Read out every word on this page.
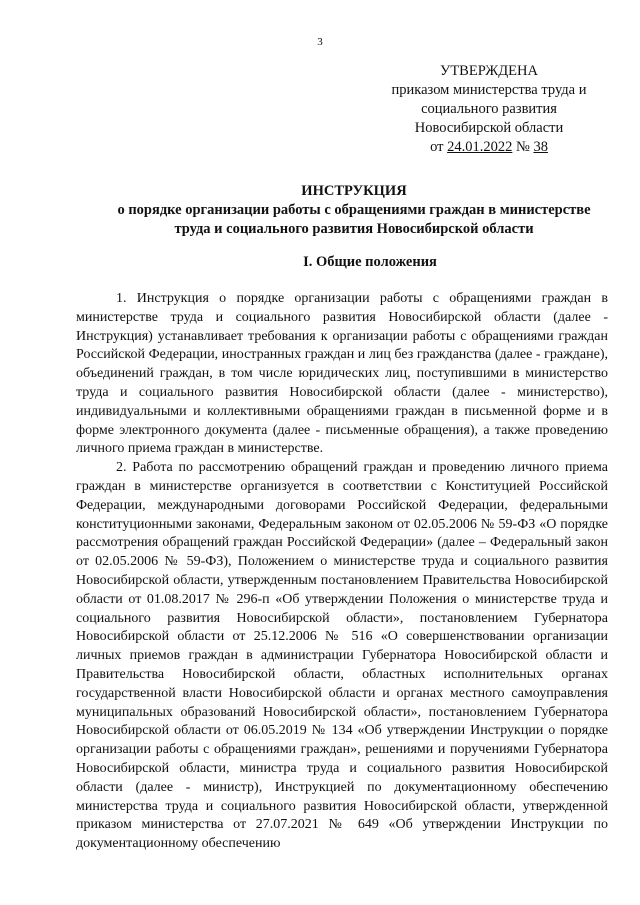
3
УТВЕРЖДЕНА
приказом министерства труда и
социального развития
Новосибирской области
от 24.01.2022 № 38
ИНСТРУКЦИЯ
о порядке организации работы с обращениями граждан в министерстве
труда и социального развития Новосибирской области
I. Общие положения

1. Инструкция о порядке организации работы с обращениями граждан в министерстве труда и социального развития Новосибирской области (далее - Инструкция) устанавливает требования к организации работы с обращениями граждан Российской Федерации, иностранных граждан и лиц без гражданства (далее - граждане), объединений граждан, в том числе юридических лиц, поступившими в министерство труда и социального развития Новосибирской области (далее - министерство), индивидуальными и коллективными обращениями граждан в письменной форме и в форме электронного документа (далее - письменные обращения), а также проведению личного приема граждан в министерстве.

2. Работа по рассмотрению обращений граждан и проведению личного приема граждан в министерстве организуется в соответствии с Конституцией Российской Федерации, международными договорами Российской Федерации, федеральными конституционными законами, Федеральным законом от 02.05.2006 № 59-ФЗ «О порядке рассмотрения обращений граждан Российской Федерации» (далее – Федеральный закон от 02.05.2006 № 59-ФЗ), Положением о министерстве труда и социального развития Новосибирской области, утвержденным постановлением Правительства Новосибирской области от 01.08.2017 № 296-п «Об утверждении Положения о министерстве труда и социального развития Новосибирской области», постановлением Губернатора Новосибирской области от 25.12.2006 № 516 «О совершенствовании организации личных приемов граждан в администрации Губернатора Новосибирской области и Правительства Новосибирской области, областных исполнительных органах государственной власти Новосибирской области и органах местного самоуправления муниципальных образований Новосибирской области», постановлением Губернатора Новосибирской области от 06.05.2019 № 134 «Об утверждении Инструкции о порядке организации работы с обращениями граждан», решениями и поручениями Губернатора Новосибирской области, министра труда и социального развития Новосибирской области (далее - министр), Инструкцией по документационному обеспечению министерства труда и социального развития Новосибирской области, утвержденной приказом министерства от 27.07.2021 № 649 «Об утверждении Инструкции по документационному обеспечению
